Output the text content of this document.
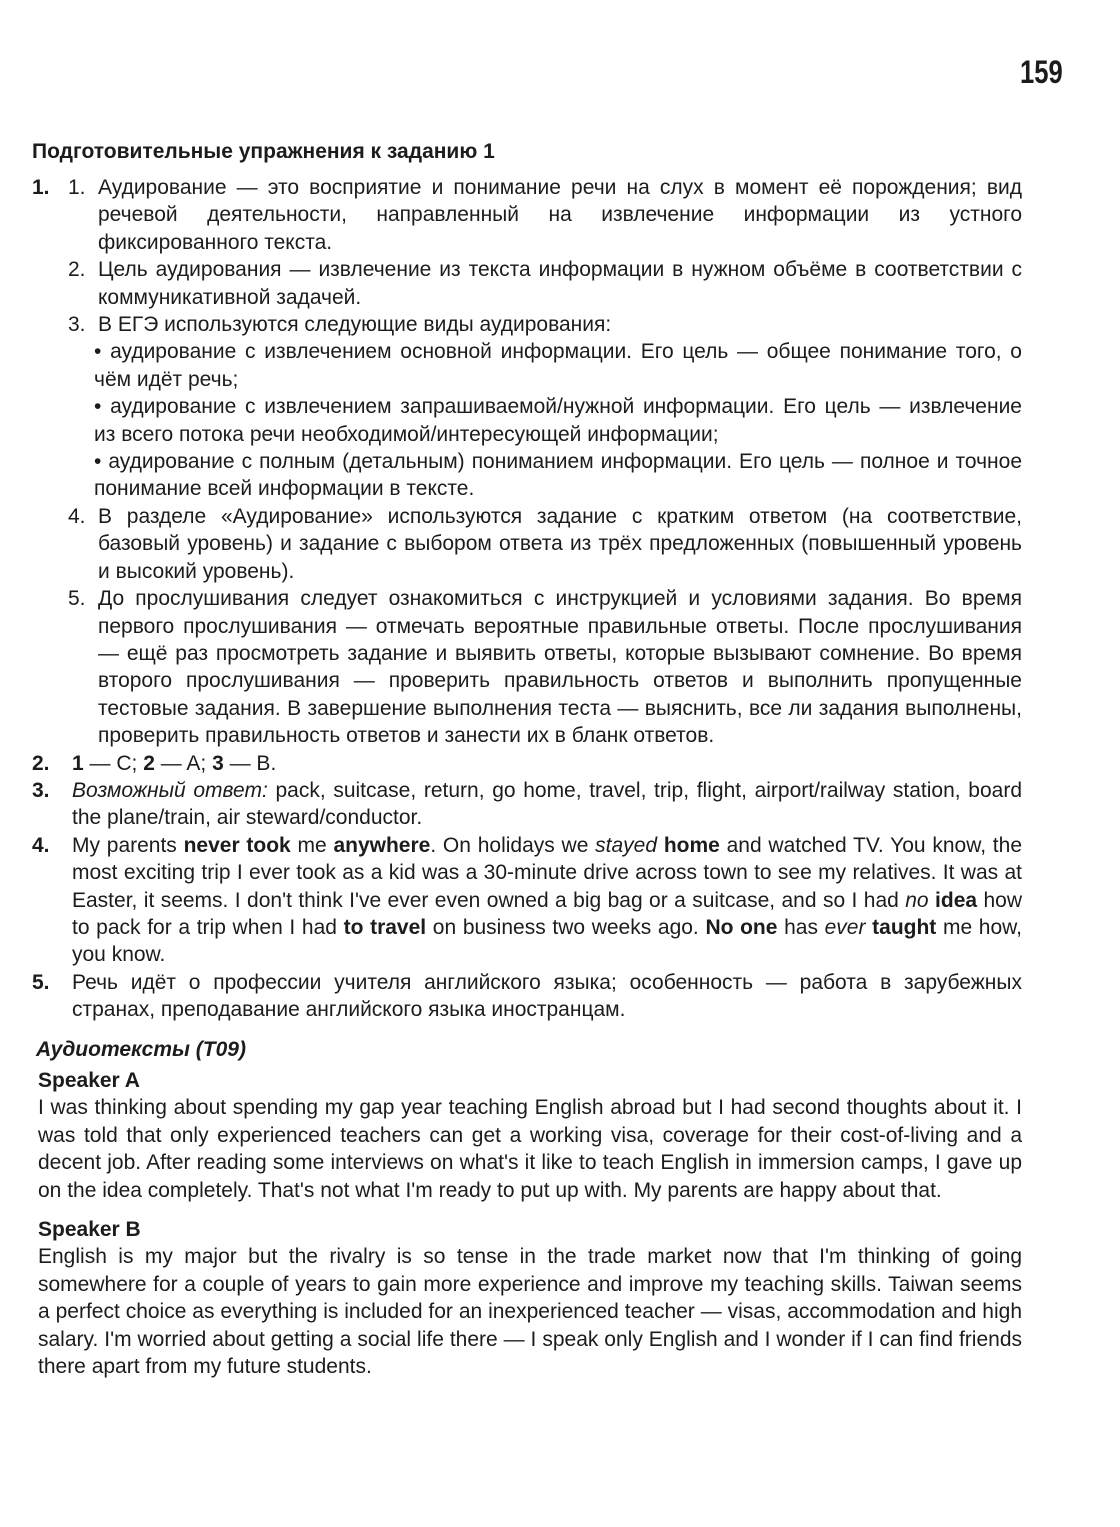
159
Подготовительные упражнения к заданию 1
1. 1. Аудирование — это восприятие и понимание речи на слух в момент её порождения; вид речевой деятельности, направленный на извлечение информации из устного фиксированного текста.
2. Цель аудирования — извлечение из текста информации в нужном объёме в соответствии с коммуникативной задачей.
3. В ЕГЭ используются следующие виды аудирования:
• аудирование с извлечением основной информации. Его цель — общее понимание того, о чём идёт речь;
• аудирование с извлечением запрашиваемой/нужной информации. Его цель — извлечение из всего потока речи необходимой/интересующей информации;
• аудирование с полным (детальным) пониманием информации. Его цель — полное и точное понимание всей информации в тексте.
4. В разделе «Аудирование» используются задание с кратким ответом (на соответствие, базовый уровень) и задание с выбором ответа из трёх предложенных (повышенный уровень и высокий уровень).
5. До прослушивания следует ознакомиться с инструкцией и условиями задания. Во время первого прослушивания — отмечать вероятные правильные ответы. После прослушивания — ещё раз просмотреть задание и выявить ответы, которые вызывают сомнение. Во время второго прослушивания — проверить правильность ответов и выполнить пропущенные тестовые задания. В завершение выполнения теста — выяснить, все ли задания выполнены, проверить правильность ответов и занести их в бланк ответов.
2. 1 — C; 2 — A; 3 — B.
3. Возможный ответ: pack, suitcase, return, go home, travel, trip, flight, airport/railway station, board the plane/train, air steward/conductor.
4. My parents never took me anywhere. On holidays we stayed home and watched TV. You know, the most exciting trip I ever took as a kid was a 30-minute drive across town to see my relatives. It was at Easter, it seems. I don't think I've ever even owned a big bag or a suitcase, and so I had no idea how to pack for a trip when I had to travel on business two weeks ago. No one has ever taught me how, you know.
5. Речь идёт о профессии учителя английского языка; особенность — работа в зарубежных странах, преподавание английского языка иностранцам.
Аудиотексты (T09)
Speaker A
I was thinking about spending my gap year teaching English abroad but I had second thoughts about it. I was told that only experienced teachers can get a working visa, coverage for their cost-of-living and a decent job. After reading some interviews on what's it like to teach English in immersion camps, I gave up on the idea completely. That's not what I'm ready to put up with. My parents are happy about that.
Speaker B
English is my major but the rivalry is so tense in the trade market now that I'm thinking of going somewhere for a couple of years to gain more experience and improve my teaching skills. Taiwan seems a perfect choice as everything is included for an inexperienced teacher — visas, accommodation and high salary. I'm worried about getting a social life there — I speak only English and I wonder if I can find friends there apart from my future students.
